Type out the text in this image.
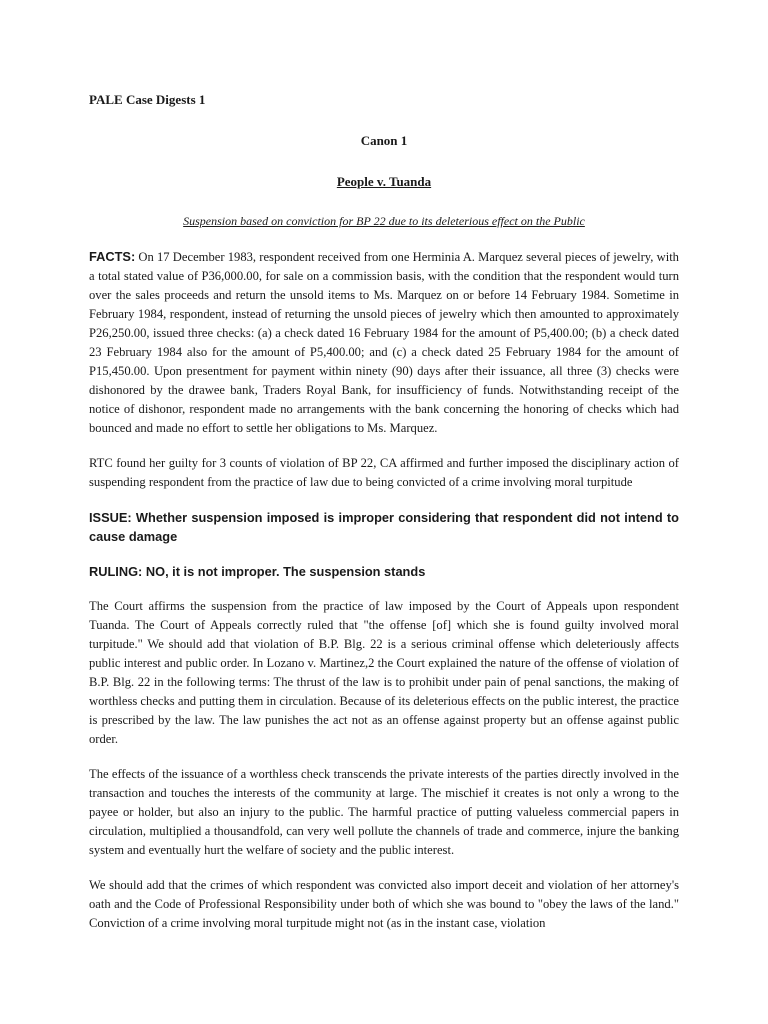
PALE Case Digests 1
Canon 1
People v. Tuanda
Suspension based on conviction for BP 22 due to its deleterious effect on the Public

FACTS: On 17 December 1983, respondent received from one Herminia A. Marquez several pieces of jewelry, with a total stated value of P36,000.00, for sale on a commission basis, with the condition that the respondent would turn over the sales proceeds and return the unsold items to Ms. Marquez on or before 14 February 1984. Sometime in February 1984, respondent, instead of returning the unsold pieces of jewelry which then amounted to approximately P26,250.00, issued three checks: (a) a check dated 16 February 1984 for the amount of P5,400.00; (b) a check dated 23 February 1984 also for the amount of P5,400.00; and (c) a check dated 25 February 1984 for the amount of P15,450.00. Upon presentment for payment within ninety (90) days after their issuance, all three (3) checks were dishonored by the drawee bank, Traders Royal Bank, for insufficiency of funds. Notwithstanding receipt of the notice of dishonor, respondent made no arrangements with the bank concerning the honoring of checks which had bounced and made no effort to settle her obligations to Ms. Marquez.

RTC found her guilty for 3 counts of violation of BP 22, CA affirmed and further imposed the disciplinary action of suspending respondent from the practice of law due to being convicted of a crime involving moral turpitude

ISSUE: Whether suspension imposed is improper considering that respondent did not intend to cause damage

RULING: NO, it is not improper. The suspension stands

The Court affirms the suspension from the practice of law imposed by the Court of Appeals upon respondent Tuanda. The Court of Appeals correctly ruled that "the offense [of] which she is found guilty involved moral turpitude." We should add that violation of B.P. Blg. 22 is a serious criminal offense which deleteriously affects public interest and public order. In Lozano v. Martinez,2 the Court explained the nature of the offense of violation of B.P. Blg. 22 in the following terms: The thrust of the law is to prohibit under pain of penal sanctions, the making of worthless checks and putting them in circulation. Because of its deleterious effects on the public interest, the practice is prescribed by the law. The law punishes the act not as an offense against property but an offense against public order.

The effects of the issuance of a worthless check transcends the private interests of the parties directly involved in the transaction and touches the interests of the community at large. The mischief it creates is not only a wrong to the payee or holder, but also an injury to the public. The harmful practice of putting valueless commercial papers in circulation, multiplied a thousandfold, can very well pollute the channels of trade and commerce, injure the banking system and eventually hurt the welfare of society and the public interest.

We should add that the crimes of which respondent was convicted also import deceit and violation of her attorney's oath and the Code of Professional Responsibility under both of which she was bound to "obey the laws of the land." Conviction of a crime involving moral turpitude might not (as in the instant case, violation
